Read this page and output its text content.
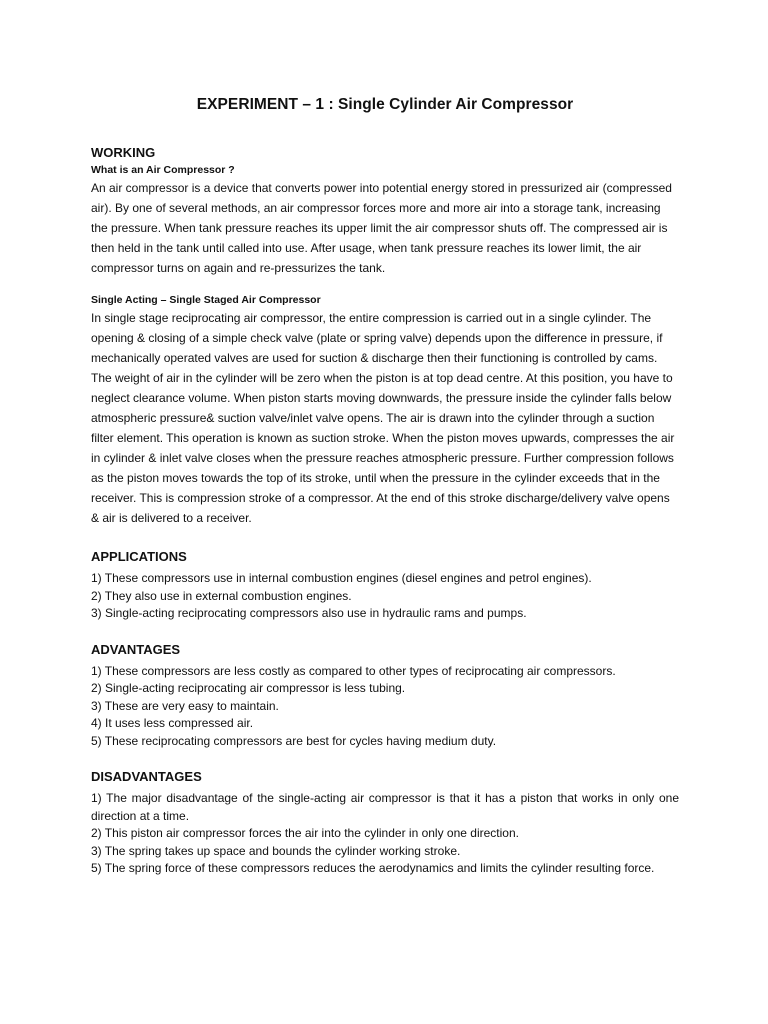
EXPERIMENT – 1 : Single Cylinder Air Compressor
WORKING
What is an Air Compressor ?

An air compressor is a device that converts power into potential energy stored in pressurized air (compressed air). By one of several methods, an air compressor forces more and more air into a storage tank, increasing the pressure. When tank pressure reaches its upper limit the air compressor shuts off. The compressed air is then held in the tank until called into use. After usage, when tank pressure reaches its lower limit, the air compressor turns on again and re-pressurizes the tank.

Single Acting – Single Staged Air Compressor

In single stage reciprocating air compressor, the entire compression is carried out in a single cylinder. The opening & closing of a simple check valve (plate or spring valve) depends upon the difference in pressure, if mechanically operated valves are used for suction & discharge then their functioning is controlled by cams. The weight of air in the cylinder will be zero when the piston is at top dead centre. At this position, you have to neglect clearance volume. When piston starts moving downwards, the pressure inside the cylinder falls below atmospheric pressure& suction valve/inlet valve opens. The air is drawn into the cylinder through a suction filter element. This operation is known as suction stroke. When the piston moves upwards, compresses the air in cylinder & inlet valve closes when the pressure reaches atmospheric pressure. Further compression follows as the piston moves towards the top of its stroke, until when the pressure in the cylinder exceeds that in the receiver. This is compression stroke of a compressor. At the end of this stroke discharge/delivery valve opens & air is delivered to a receiver.

APPLICATIONS
1) These compressors use in internal combustion engines (diesel engines and petrol engines).
2) They also use in external combustion engines.
3) Single-acting reciprocating compressors also use in hydraulic rams and pumps.
ADVANTAGES
1) These compressors are less costly as compared to other types of reciprocating air compressors.
2) Single-acting reciprocating air compressor is less tubing.
3) These are very easy to maintain.
4) It uses less compressed air.
5) These reciprocating compressors are best for cycles having medium duty.
DISADVANTAGES
1) The major disadvantage of the single-acting air compressor is that it has a piston that works in only one direction at a time.
2) This piston air compressor forces the air into the cylinder in only one direction.
3) The spring takes up space and bounds the cylinder working stroke.
5) The spring force of these compressors reduces the aerodynamics and limits the cylinder resulting force.
